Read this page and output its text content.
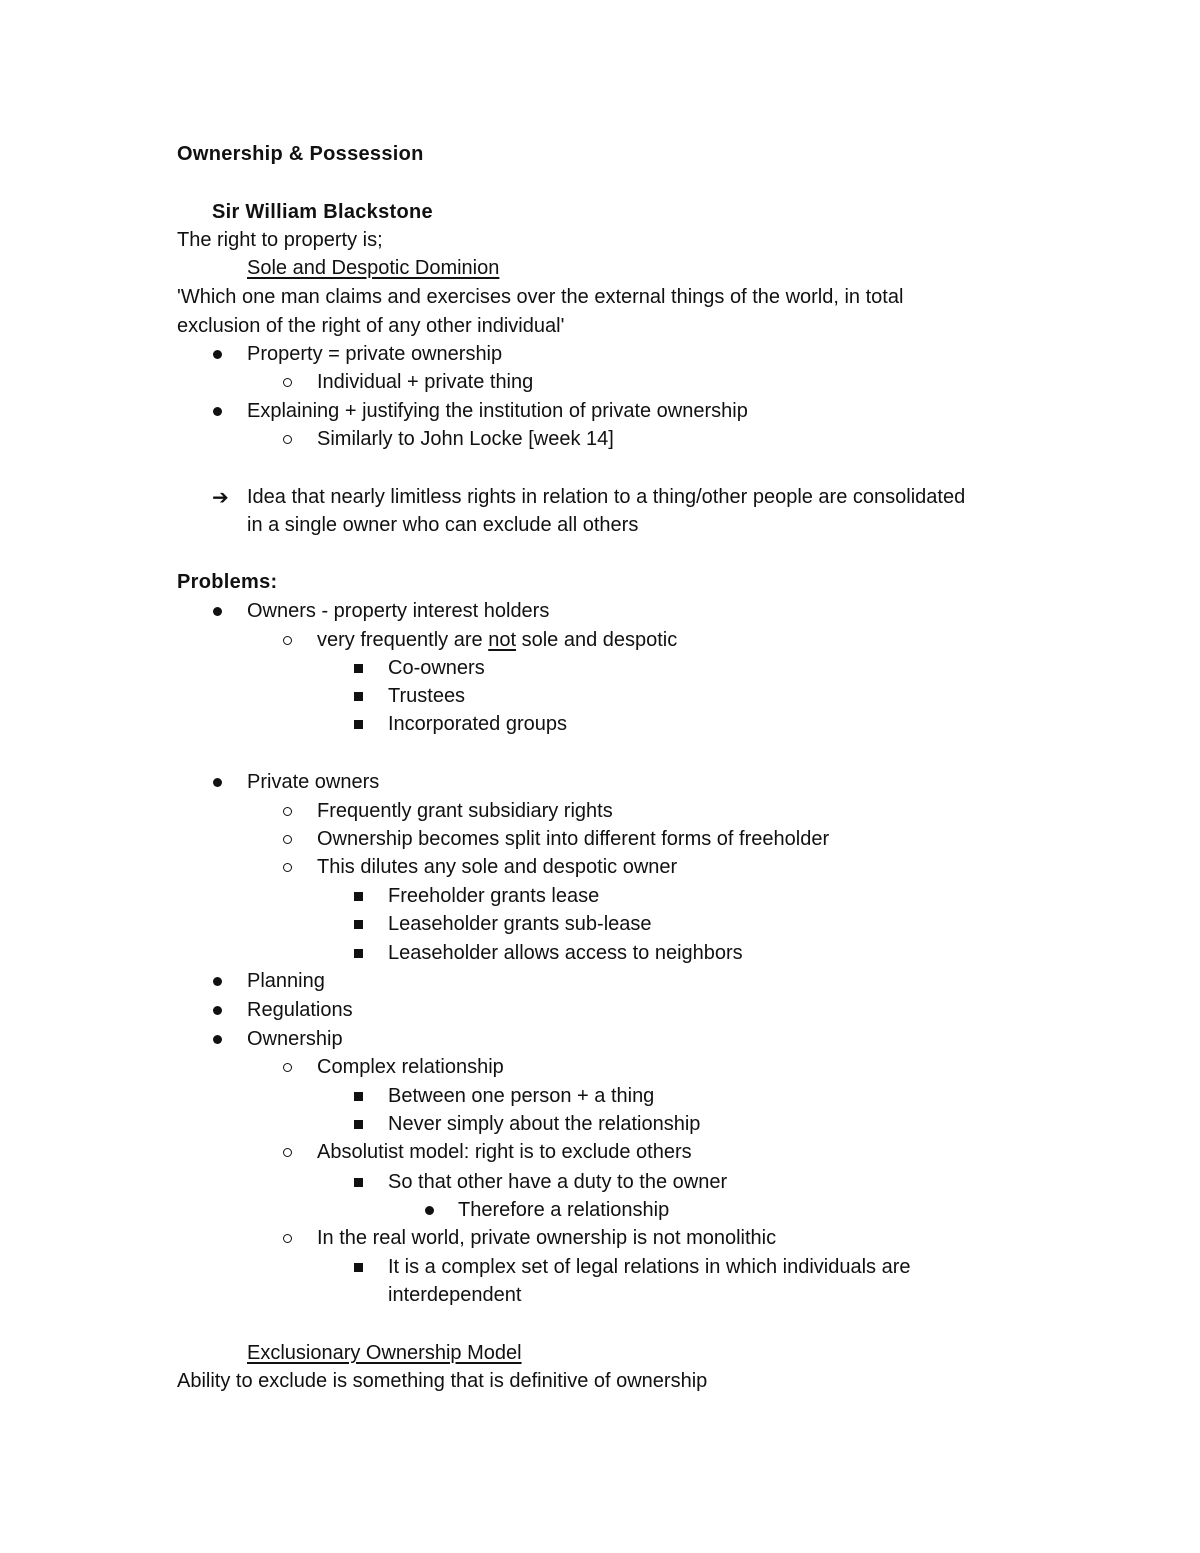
Ownership & Possession
Sir William Blackstone
The right to property is;
Sole and Despotic Dominion
'Which one man claims and exercises over the external things of the world, in total
exclusion of the right of any other individual'
Property = private ownership
Individual + private thing
Explaining + justifying the institution of private ownership
Similarly to John Locke [week 14]
➔ Idea that nearly limitless rights in relation to a thing/other people are consolidated
in a single owner who can exclude all others
Problems:
Owners - property interest holders
very frequently are not sole and despotic
Co-owners
Trustees
Incorporated groups
Private owners
Frequently grant subsidiary rights
Ownership becomes split into different forms of freeholder
This dilutes any sole and despotic owner
Freeholder grants lease
Leaseholder grants sub-lease
Leaseholder allows access to neighbors
Planning
Regulations
Ownership
Complex relationship
Between one person + a thing
Never simply about the relationship
Absolutist model: right is to exclude others
So that other have a duty to the owner
Therefore a relationship
In the real world, private ownership is not monolithic
It is a complex set of legal relations in which individuals are
interdependent
Exclusionary Ownership Model
Ability to exclude is something that is definitive of ownership
